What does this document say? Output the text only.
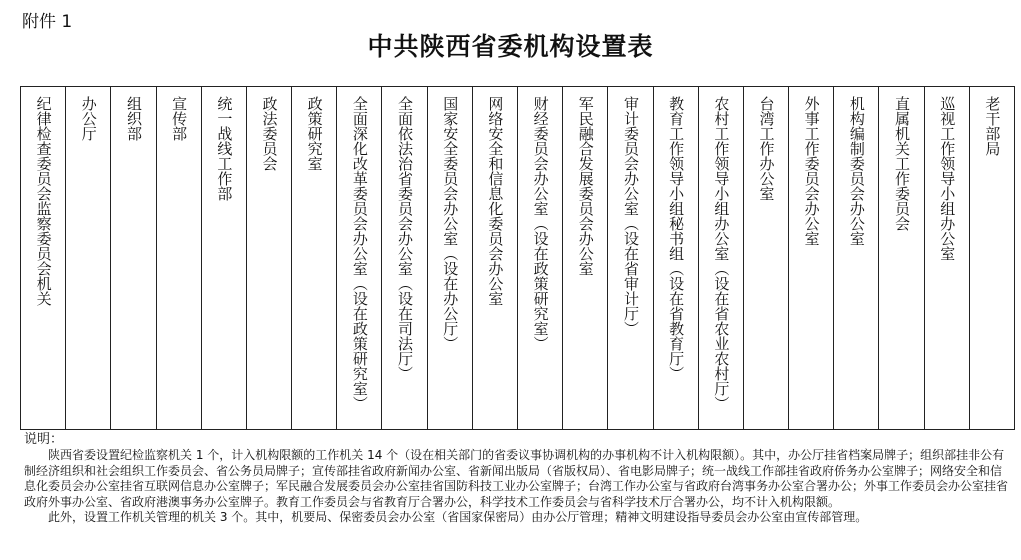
附件 1
中共陕西省委机构设置表
纪律检查委员会监察委员会机关 办公厅 组织部 宣传部 统一战线工作部 政法委员会 政策研究室 全面深化改革委员会办公室（设在政策研究室） 全面依法治省委员会办公室（设在司法厅） 国家安全委员会办公室（设在办公厅） 网络安全和信息化委员会办公室 财经委员会办公室（设在政策研究室） 军民融合发展委员会办公室 审计委员会办公室（设在省审计厅） 教育工作领导小组秘书组（设在省教育厅） 农村工作领导小组办公室（设在省农业农村厅） 台湾工作办公室 外事工作委员会办公室 机构编制委员会办公室 直属机关工作委员会 巡视工作领导小组办公室 老干部局
说明：

陕西省委设置纪检监察机关 1 个，计入机构限额的工作机关 14 个（设在相关部门的省委议事协调机构的办事机构不计入机构限额）。其中，办公厅挂省档案局牌子；组织部挂非公有制经济组织和社会组织工作委员会、省公务员局牌子；宣传部挂省政府新闻办公室、省新闻出版局（省版权局）、省电影局牌子；统一战线工作部挂省政府侨务办公室牌子；网络安全和信息化委员会办公室挂省互联网信息办公室牌子；军民融合发展委员会办公室挂省国防科技工业办公室牌子；台湾工作办公室与省政府台湾事务办公室合署办公；外事工作委员会办公室挂省政府外事办公室、省政府港澳事务办公室牌子。教育工作委员会与省教育厅合署办公，科学技术工作委员会与省科学技术厅合署办公，均不计入机构限额。

此外，设置工作机关管理的机关 3 个。其中，机要局、保密委员会办公室（省国家保密局）由办公厅管理；精神文明建设指导委员会办公室由宣传部管理。
